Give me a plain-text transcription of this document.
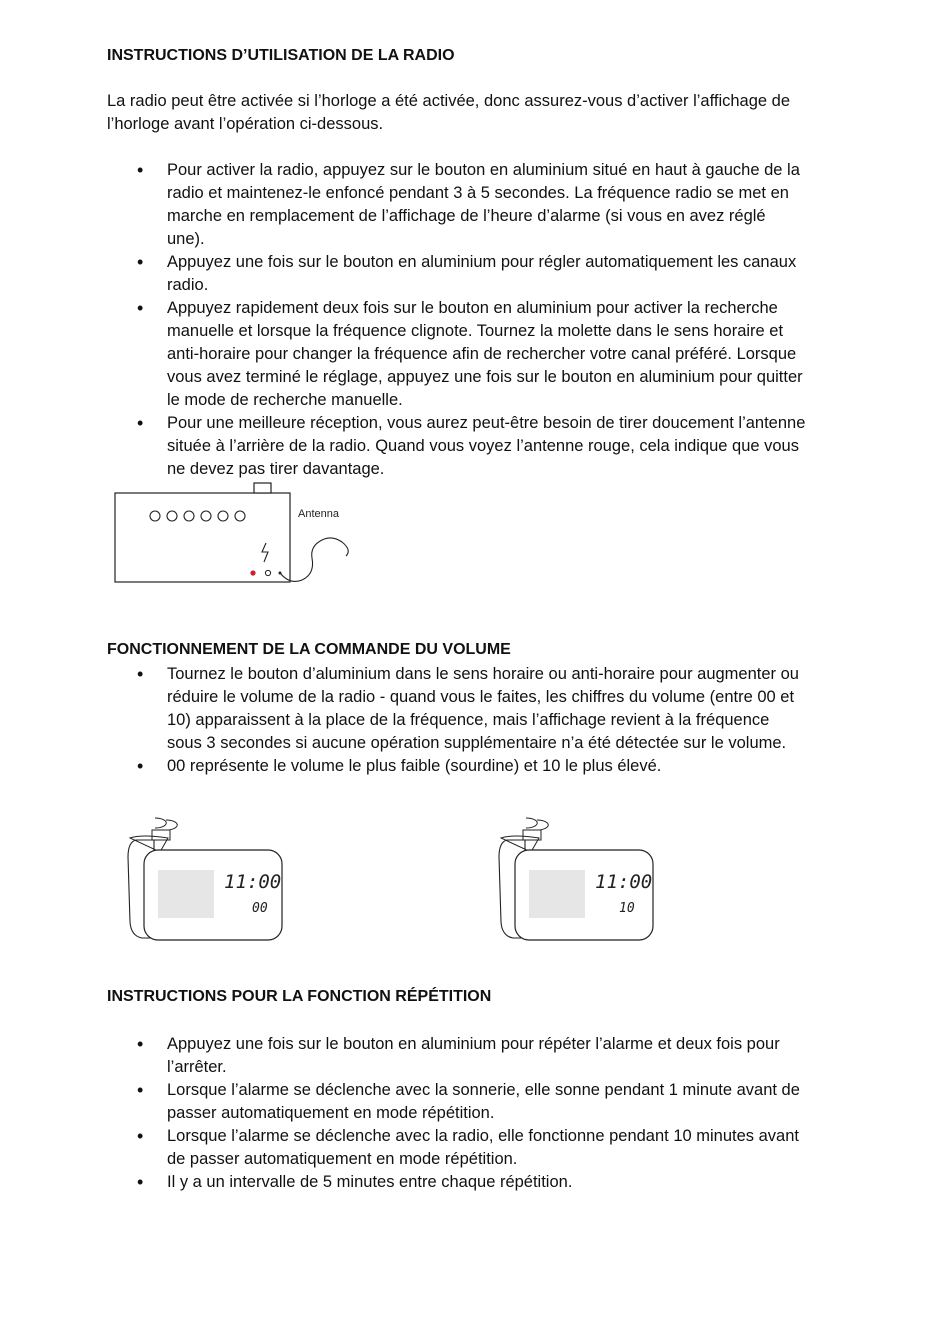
INSTRUCTIONS D’UTILISATION DE LA RADIO

La radio peut être activée si l’horloge a été activée, donc assurez-vous d’activer l’affichage de l’horloge avant l’opération ci-dessous.

• Pour activer la radio, appuyez sur le bouton en aluminium situé en haut à gauche de la radio et maintenez-le enfoncé pendant 3 à 5 secondes. La fréquence radio se met en marche en remplacement de l’affichage de l’heure d’alarme (si vous en avez réglé une).
• Appuyez une fois sur le bouton en aluminium pour régler automatiquement les canaux radio.
• Appuyez rapidement deux fois sur le bouton en aluminium pour activer la recherche manuelle et lorsque la fréquence clignote. Tournez la molette dans le sens horaire et anti-horaire pour changer la fréquence afin de rechercher votre canal préféré. Lorsque vous avez terminé le réglage, appuyez une fois sur le bouton en aluminium pour quitter le mode de recherche manuelle.
• Pour une meilleure réception, vous aurez peut-être besoin de tirer doucement l’antenne située à l’arrière de la radio. Quand vous voyez l’antenne rouge, cela indique que vous ne devez pas tirer davantage.
Antenna
FONCTIONNEMENT DE LA COMMANDE DU VOLUME
• Tournez le bouton d’aluminium dans le sens horaire ou anti-horaire pour augmenter ou réduire le volume de la radio - quand vous le faites, les chiffres du volume (entre 00 et 10) apparaissent à la place de la fréquence, mais l’affichage revient à la fréquence sous 3 secondes si aucune opération supplémentaire n’a été détectée sur le volume.
• 00 représente le volume le plus faible (sourdine) et 10 le plus élevé.
11:00
00
11:00
10
INSTRUCTIONS POUR LA FONCTION RÉPÉTITION
• Appuyez une fois sur le bouton en aluminium pour répéter l’alarme et deux fois pour l’arrêter.
• Lorsque l’alarme se déclenche avec la sonnerie, elle sonne pendant 1 minute avant de passer automatiquement en mode répétition.
• Lorsque l’alarme se déclenche avec la radio, elle fonctionne pendant 10 minutes avant de passer automatiquement en mode répétition.
• Il y a un intervalle de 5 minutes entre chaque répétition.
